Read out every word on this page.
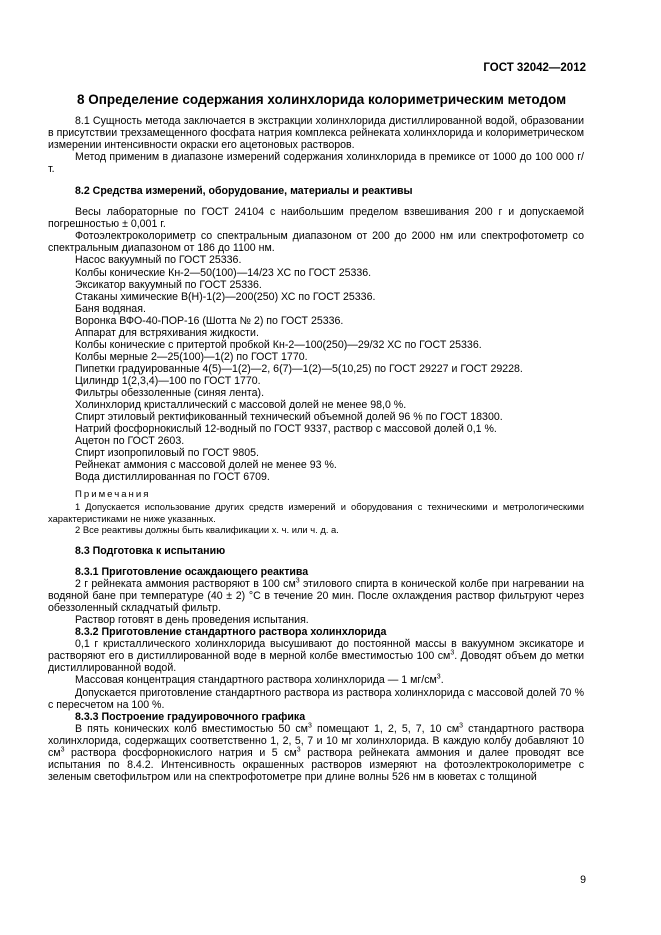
ГОСТ 32042—2012
8 Определение содержания холинхлорида колориметрическим методом

8.1 Сущность метода заключается в экстракции холинхлорида дистиллированной водой, образовании в присутствии трехзамещенного фосфата натрия комплекса рейнеката холинхлорида и колориметрическом измерении интенсивности окраски его ацетоновых растворов.

Метод применим в диапазоне измерений содержания холинхлорида в премиксе от 1000 до 100 000 г/т.

8.2 Средства измерений, оборудование, материалы и реактивы

Весы лабораторные по ГОСТ 24104 с наибольшим пределом взвешивания 200 г и допускаемой погрешностью ± 0,001 г.

Фотоэлектроколориметр со спектральным диапазоном от 200 до 2000 нм или спектрофотометр со спектральным диапазоном от 186 до 1100 нм.

Насос вакуумный по ГОСТ 25336.

Колбы конические Кн-2—50(100)—14/23 ХС по ГОСТ 25336.

Эксикатор вакуумный по ГОСТ 25336.

Стаканы химические В(Н)-1(2)—200(250) ХС по ГОСТ 25336.

Баня водяная.

Воронка ВФО-40-ПОР-16 (Шотта № 2) по ГОСТ 25336.

Аппарат для встряхивания жидкости.

Колбы конические с притертой пробкой Кн-2—100(250)—29/32 ХС по ГОСТ 25336.

Колбы мерные 2—25(100)—1(2) по ГОСТ 1770.

Пипетки градуированные 4(5)—1(2)—2, 6(7)—1(2)—5(10,25) по ГОСТ 29227 и ГОСТ 29228.

Цилиндр 1(2,3,4)—100 по ГОСТ 1770.

Фильтры обеззоленные (синяя лента).

Холинхлорид кристаллический с массовой долей не менее 98,0 %.

Спирт этиловый ректификованный технический объемной долей 96 % по ГОСТ 18300.

Натрий фосфорнокислый 12-водный по ГОСТ 9337, раствор с массовой долей 0,1 %.

Ацетон по ГОСТ 2603.

Спирт изопропиловый по ГОСТ 9805.

Рейнекат аммония с массовой долей не менее 93 %.

Вода дистиллированная по ГОСТ 6709.

Примечания

1 Допускается использование других средств измерений и оборудования с техническими и метрологическими характеристиками не ниже указанных.

2 Все реактивы должны быть квалификации х. ч. или ч. д. а.

8.3 Подготовка к испытанию

8.3.1 Приготовление осаждающего реактива

2 г рейнеката аммония растворяют в 100 $см^3$ этилового спирта в конической колбе при нагревании на водяной бане при температуре (40 ± 2) °С в течение 20 мин. После охлаждения раствор фильтруют через обеззоленный складчатый фильтр.

Раствор готовят в день проведения испытания.

8.3.2 Приготовление стандартного раствора холинхлорида

0,1 г кристаллического холинхлорида высушивают до постоянной массы в вакуумном эксикаторе и растворяют его в дистиллированной воде в мерной колбе вместимостью 100 $см^3$. Доводят объем до метки дистиллированной водой.

Массовая концентрация стандартного раствора холинхлорида — 1 $мг/см^3$.

Допускается приготовление стандартного раствора из раствора холинхлорида с массовой долей 70 % с пересчетом на 100 %.

8.3.3 Построение градуировочного графика

В пять конических колб вместимостью 50 $см^3$ помещают 1, 2, 5, 7, 10 $см^3$ стандартного раствора холинхлорида, содержащих соответственно 1, 2, 5, 7 и 10 мг холинхлорида. В каждую колбу добавляют 10 $см^3$ раствора фосфорнокислого натрия и 5 $см^3$ раствора рейнеката аммония и далее проводят все испытания по 8.4.2. Интенсивность окрашенных растворов измеряют на фотоэлектроколориметре с зеленым светофильтром или на спектрофотометре при длине волны 526 нм в кюветах с толщиной

9
